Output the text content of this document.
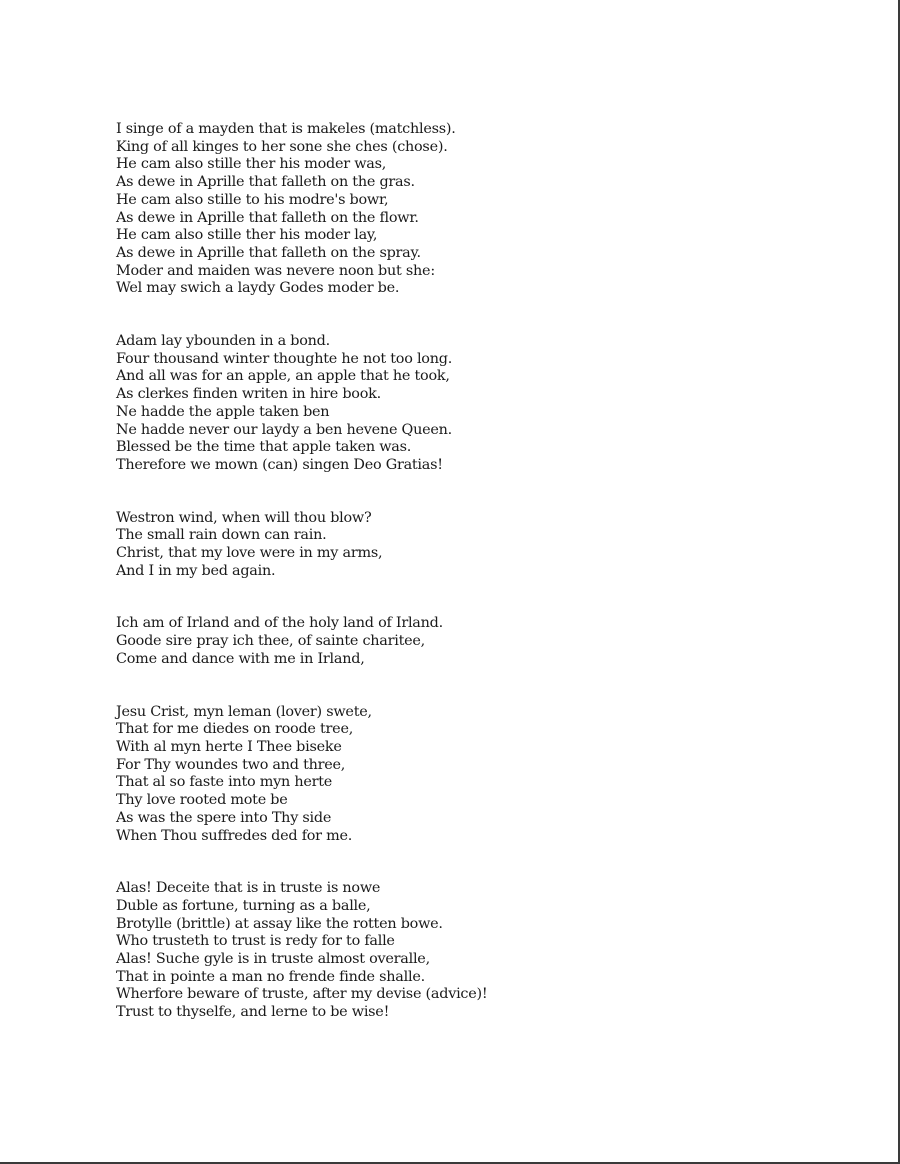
I singe of a mayden that is makeles (matchless).
King of all kinges to her sone she ches (chose).
He cam also stille ther his moder was,
As dewe in Aprille that falleth on the gras.
He cam also stille to his modre's bowr,
As dewe in Aprille that falleth on the flowr.
He cam also stille ther his moder lay,
As dewe in Aprille that falleth on the spray.
Moder and maiden was nevere noon but she:
Wel may swich a laydy Godes moder be.
Adam lay ybounden in a bond.
Four thousand winter thoughte he not too long.
And all was for an apple, an apple that he took,
As clerkes finden writen in hire book.
Ne hadde the apple taken ben
Ne hadde never our laydy a ben hevene Queen.
Blessed be the time that apple taken was.
Therefore we mown (can) singen Deo Gratias!
Westron wind, when will thou blow?
The small rain down can rain.
Christ, that my love were in my arms,
And I in my bed again.
Ich am of Irland and of the holy land of Irland.
Goode sire pray ich thee, of sainte charitee,
Come and dance with me in Irland,
Jesu Crist, myn leman (lover) swete,
That for me diedes on roode tree,
With al myn herte I Thee biseke
For Thy woundes two and three,
That al so faste into myn herte
Thy love rooted mote be
As was the spere into Thy side
When Thou suffredes ded for me.
Alas! Deceite that is in truste is nowe
Duble as fortune, turning as a balle,
Brotylle (brittle) at assay like the rotten bowe.
Who trusteth to trust is redy for to falle
Alas! Suche gyle is in truste almost overalle,
That in pointe a man no frende finde shalle.
Wherfore beware of truste, after my devise (advice)!
Trust to thyselfe, and lerne to be wise!
